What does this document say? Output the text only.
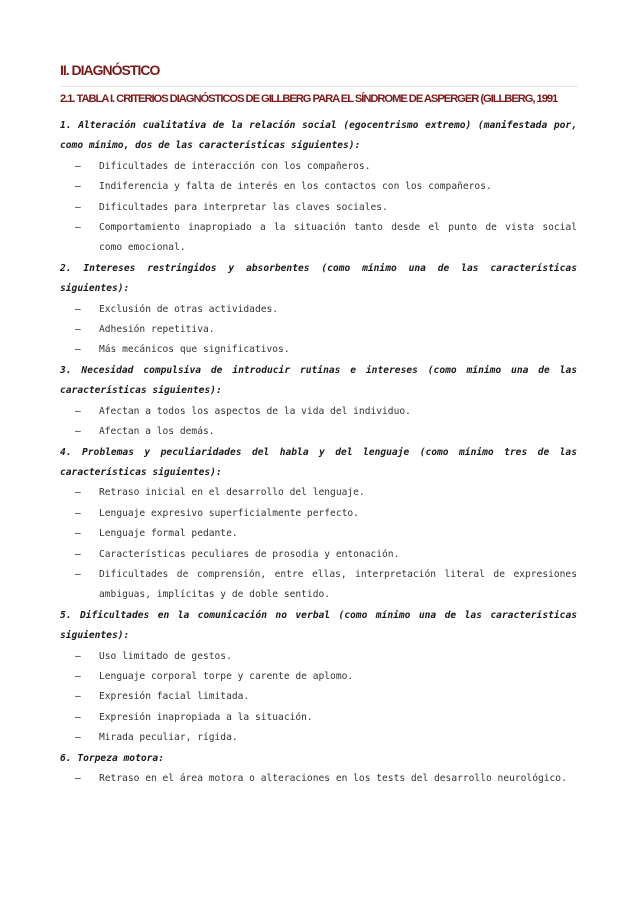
II. DIAGNÓSTICO
2.1. TABLA I. CRITERIOS DIAGNÓSTICOS DE GILLBERG PARA EL SÍNDROME DE ASPERGER (GILLBERG, 1991

1. Alteración cualitativa de la relación social (egocentrismo extremo) (manifestada por, como mínimo, dos de las características siguientes):

– Dificultades de interacción con los compañeros.
– Indiferencia y falta de interés en los contactos con los compañeros.
– Dificultades para interpretar las claves sociales.
– Comportamiento inapropiado a la situación tanto desde el punto de vista social como emocional.

2. Intereses restringidos y absorbentes (como mínimo una de las características siguientes):

– Exclusión de otras actividades.
– Adhesión repetitiva.
– Más mecánicos que significativos.

3. Necesidad compulsiva de introducir rutinas e intereses (como mínimo una de las características siguientes):

– Afectan a todos los aspectos de la vida del individuo.
– Afectan a los demás.

4. Problemas y peculiaridades del habla y del lenguaje (como mínimo tres de las características siguientes):

– Retraso inicial en el desarrollo del lenguaje.
– Lenguaje expresivo superficialmente perfecto.
– Lenguaje formal pedante.
– Características peculiares de prosodia y entonación.
– Dificultades de comprensión, entre ellas, interpretación literal de expresiones ambiguas, implícitas y de doble sentido.

5. Dificultades en la comunicación no verbal (como mínimo una de las características siguientes):

– Uso limitado de gestos.
– Lenguaje corporal torpe y carente de aplomo.
– Expresión facial limitada.
– Expresión inapropiada a la situación.
– Mirada peculiar, rígida.

6. Torpeza motora:

– Retraso en el área motora o alteraciones en los tests del desarrollo neurológico.
